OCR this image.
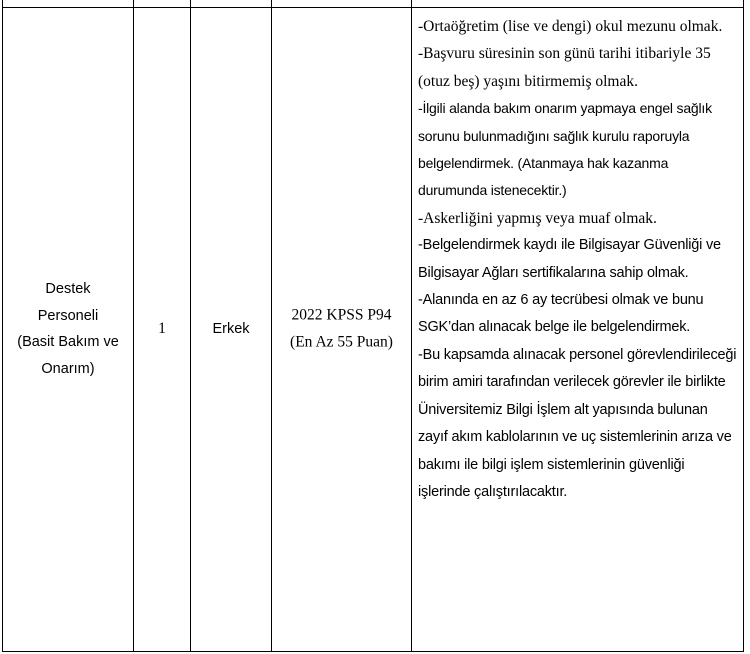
Destek
Personeli
(Basit Bakım ve
Onarım)
1	Erkek
2022 KPSS P94
(En Az 55 Puan)
-Ortaöğretim (lise ve dengi) okul mezunu olmak.
-Başvuru süresinin son günü tarihi itibariyle 35 (otuz beş) yaşını bitirmemiş olmak.
-İlgili alanda bakım onarım yapmaya engel sağlık sorunu bulunmadığını sağlık kurulu raporuyla belgelendirmek. (Atanmaya hak kazanma durumunda istenecektir.)
-Askerliğini yapmış veya muaf olmak.
-Belgelendirmek kaydı ile Bilgisayar Güvenliği ve Bilgisayar Ağları sertifikalarına sahip olmak.
-Alanında en az 6 ay tecrübesi olmak ve bunu SGK’dan alınacak belge ile belgelendirmek.
-Bu kapsamda alınacak personel görevlendirileceği birim amiri tarafından verilecek görevler ile birlikte Üniversitemiz Bilgi İşlem alt yapısında bulunan zayıf akım kablolarının ve uç sistemlerinin arıza ve bakımı ile bilgi işlem sistemlerinin güvenliği işlerinde çalıştırılacaktır.
